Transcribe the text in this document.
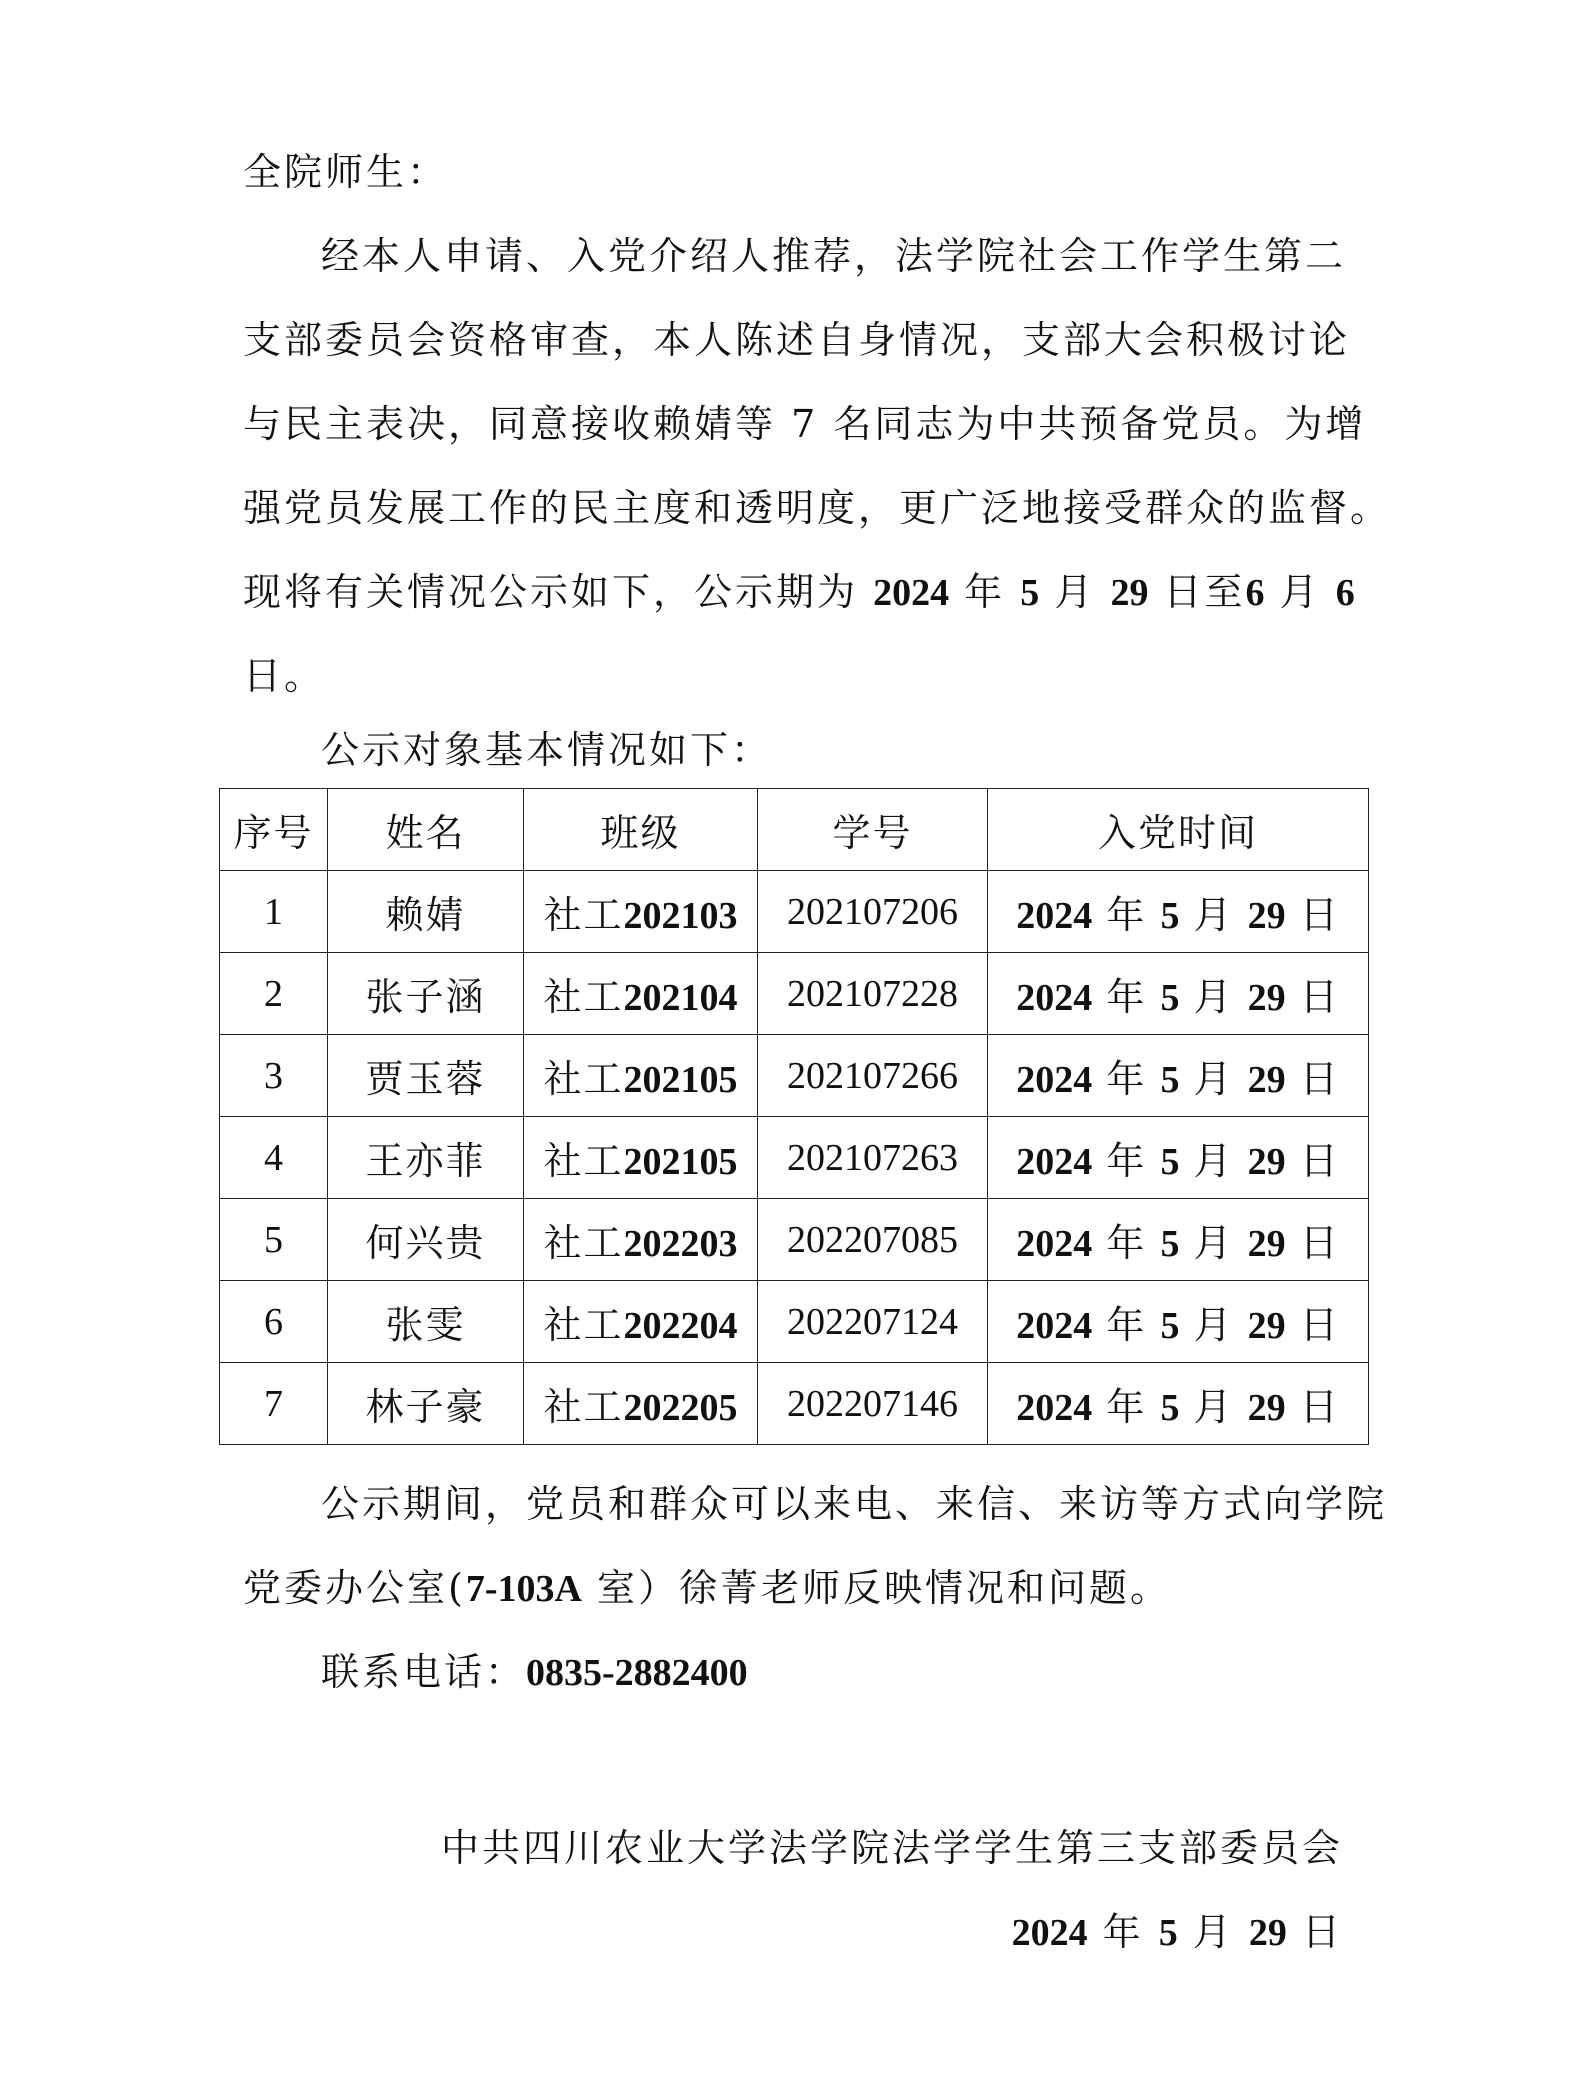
全院师生：
经本人申请、入党介绍人推荐，法学院社会工作学生第二
支部委员会资格审查，本人陈述自身情况，支部大会积极讨论
与民主表决，同意接收赖婧等 7 名同志为中共预备党员。为增
强党员发展工作的民主度和透明度，更广泛地接受群众的监督。
现将有关情况公示如下，公示期为 2024 年 5 月 29 日至6 月 6
日。
公示对象基本情况如下：
序号	姓名	班级	学号	入党时间
1	赖婧	社工202103	202107206	2024 年 5 月 29 日
2	张子涵	社工202104	202107228	2024 年 5 月 29 日
3	贾玉蓉	社工202105	202107266	2024 年 5 月 29 日
4	王亦菲	社工202105	202107263	2024 年 5 月 29 日
5	何兴贵	社工202203	202207085	2024 年 5 月 29 日
6	张雯	社工202204	202207124	2024 年 5 月 29 日
7	林子豪	社工202205	202207146	2024 年 5 月 29 日
公示期间，党员和群众可以来电、来信、来访等方式向学院
党委办公室(7-103A 室）徐菁老师反映情况和问题。
联系电话：0835-2882400
中共四川农业大学法学院法学学生第三支部委员会
2024 年 5 月 29 日
